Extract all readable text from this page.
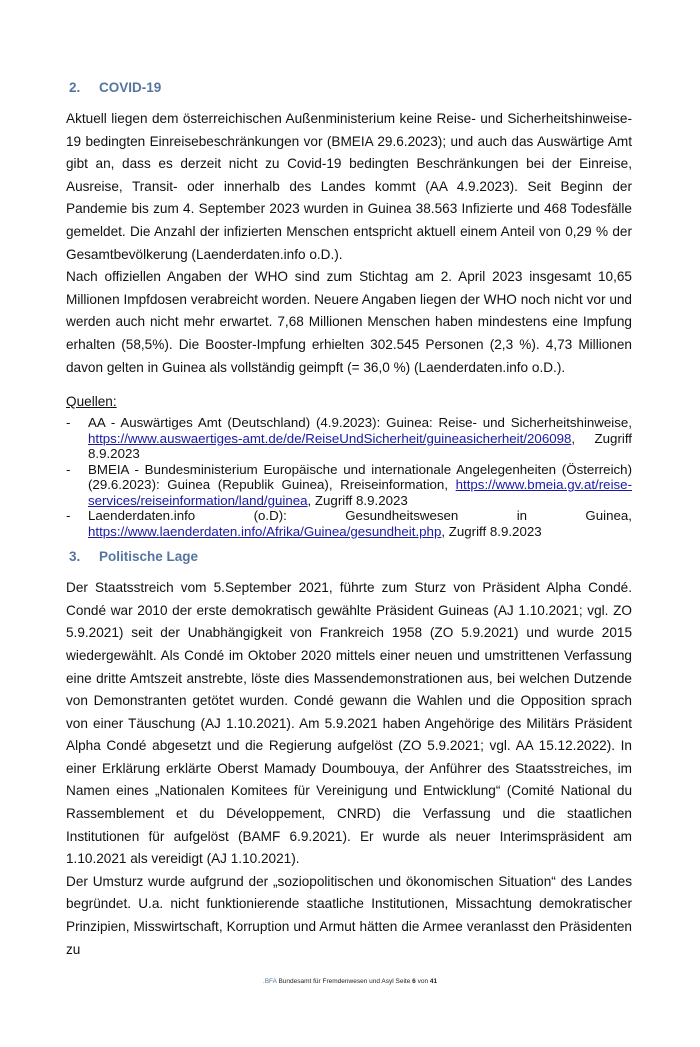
2. COVID-19

Aktuell liegen dem österreichischen Außenministerium keine Reise- und Sicherheitshinweise-19 bedingten Einreisebeschränkungen vor (BMEIA 29.6.2023); und auch das Auswärtige Amt gibt an, dass es derzeit nicht zu Covid-19 bedingten Beschränkungen bei der Einreise, Ausreise, Transit- oder innerhalb des Landes kommt (AA 4.9.2023). Seit Beginn der Pandemie bis zum 4. September 2023 wurden in Guinea 38.563 Infizierte und 468 Todesfälle gemeldet. Die Anzahl der infizierten Menschen entspricht aktuell einem Anteil von 0,29 % der Gesamtbevölkerung (Laenderdaten.info o.D.).

Nach offiziellen Angaben der WHO sind zum Stichtag am 2. April 2023 insgesamt 10,65 Millionen Impfdosen verabreicht worden. Neuere Angaben liegen der WHO noch nicht vor und werden auch nicht mehr erwartet. 7,68 Millionen Menschen haben mindestens eine Impfung erhalten (58,5%). Die Booster-Impfung erhielten 302.545 Personen (2,3 %). 4,73 Millionen davon gelten in Guinea als vollständig geimpft (= 36,0 %) (Laenderdaten.info o.D.).

Quellen:
-	AA - Auswärtiges Amt (Deutschland) (4.9.2023): Guinea: Reise- und Sicherheitshinweise, https://www.auswaertiges-amt.de/de/ReiseUndSicherheit/guineasicherheit/206098, Zugriff 8.9.2023
-	BMEIA - Bundesministerium Europäische und internationale Angelegenheiten (Österreich) (29.6.2023): Guinea (Republik Guinea), Rreiseinformation, https://www.bmeia.gv.at/reise-services/reiseinformation/land/guinea, Zugriff 8.9.2023
-	Laenderdaten.info (o.D): Gesundheitswesen in Guinea, https://www.laenderdaten.info/Afrika/Guinea/gesundheit.php, Zugriff 8.9.2023
3. Politische Lage

Der Staatsstreich vom 5.September 2021, führte zum Sturz von Präsident Alpha Condé. Condé war 2010 der erste demokratisch gewählte Präsident Guineas (AJ 1.10.2021; vgl. ZO 5.9.2021) seit der Unabhängigkeit von Frankreich 1958 (ZO 5.9.2021) und wurde 2015 wiedergewählt. Als Condé im Oktober 2020 mittels einer neuen und umstrittenen Verfassung eine dritte Amtszeit anstrebte, löste dies Massendemonstrationen aus, bei welchen Dutzende von Demonstranten getötet wurden. Condé gewann die Wahlen und die Opposition sprach von einer Täuschung (AJ 1.10.2021). Am 5.9.2021 haben Angehörige des Militärs Präsident Alpha Condé abgesetzt und die Regierung aufgelöst (ZO 5.9.2021; vgl. AA 15.12.2022). In einer Erklärung erklärte Oberst Mamady Doumbouya, der Anführer des Staatsstreiches, im Namen eines „Nationalen Komitees für Vereinigung und Entwicklung“ (Comité National du Rassemblement et du Développement, CNRD) die Verfassung und die staatlichen Institutionen für aufgelöst (BAMF 6.9.2021). Er wurde als neuer Interimspräsident am 1.10.2021 als vereidigt (AJ 1.10.2021).

Der Umsturz wurde aufgrund der „soziopolitischen und ökonomischen Situation“ des Landes begründet. U.a. nicht funktionierende staatliche Institutionen, Missachtung demokratischer Prinzipien, Misswirtschaft, Korruption und Armut hätten die Armee veranlasst den Präsidenten zu

.BFA Bundesamt für Fremdenwesen und Asyl Seite 6 von 41
